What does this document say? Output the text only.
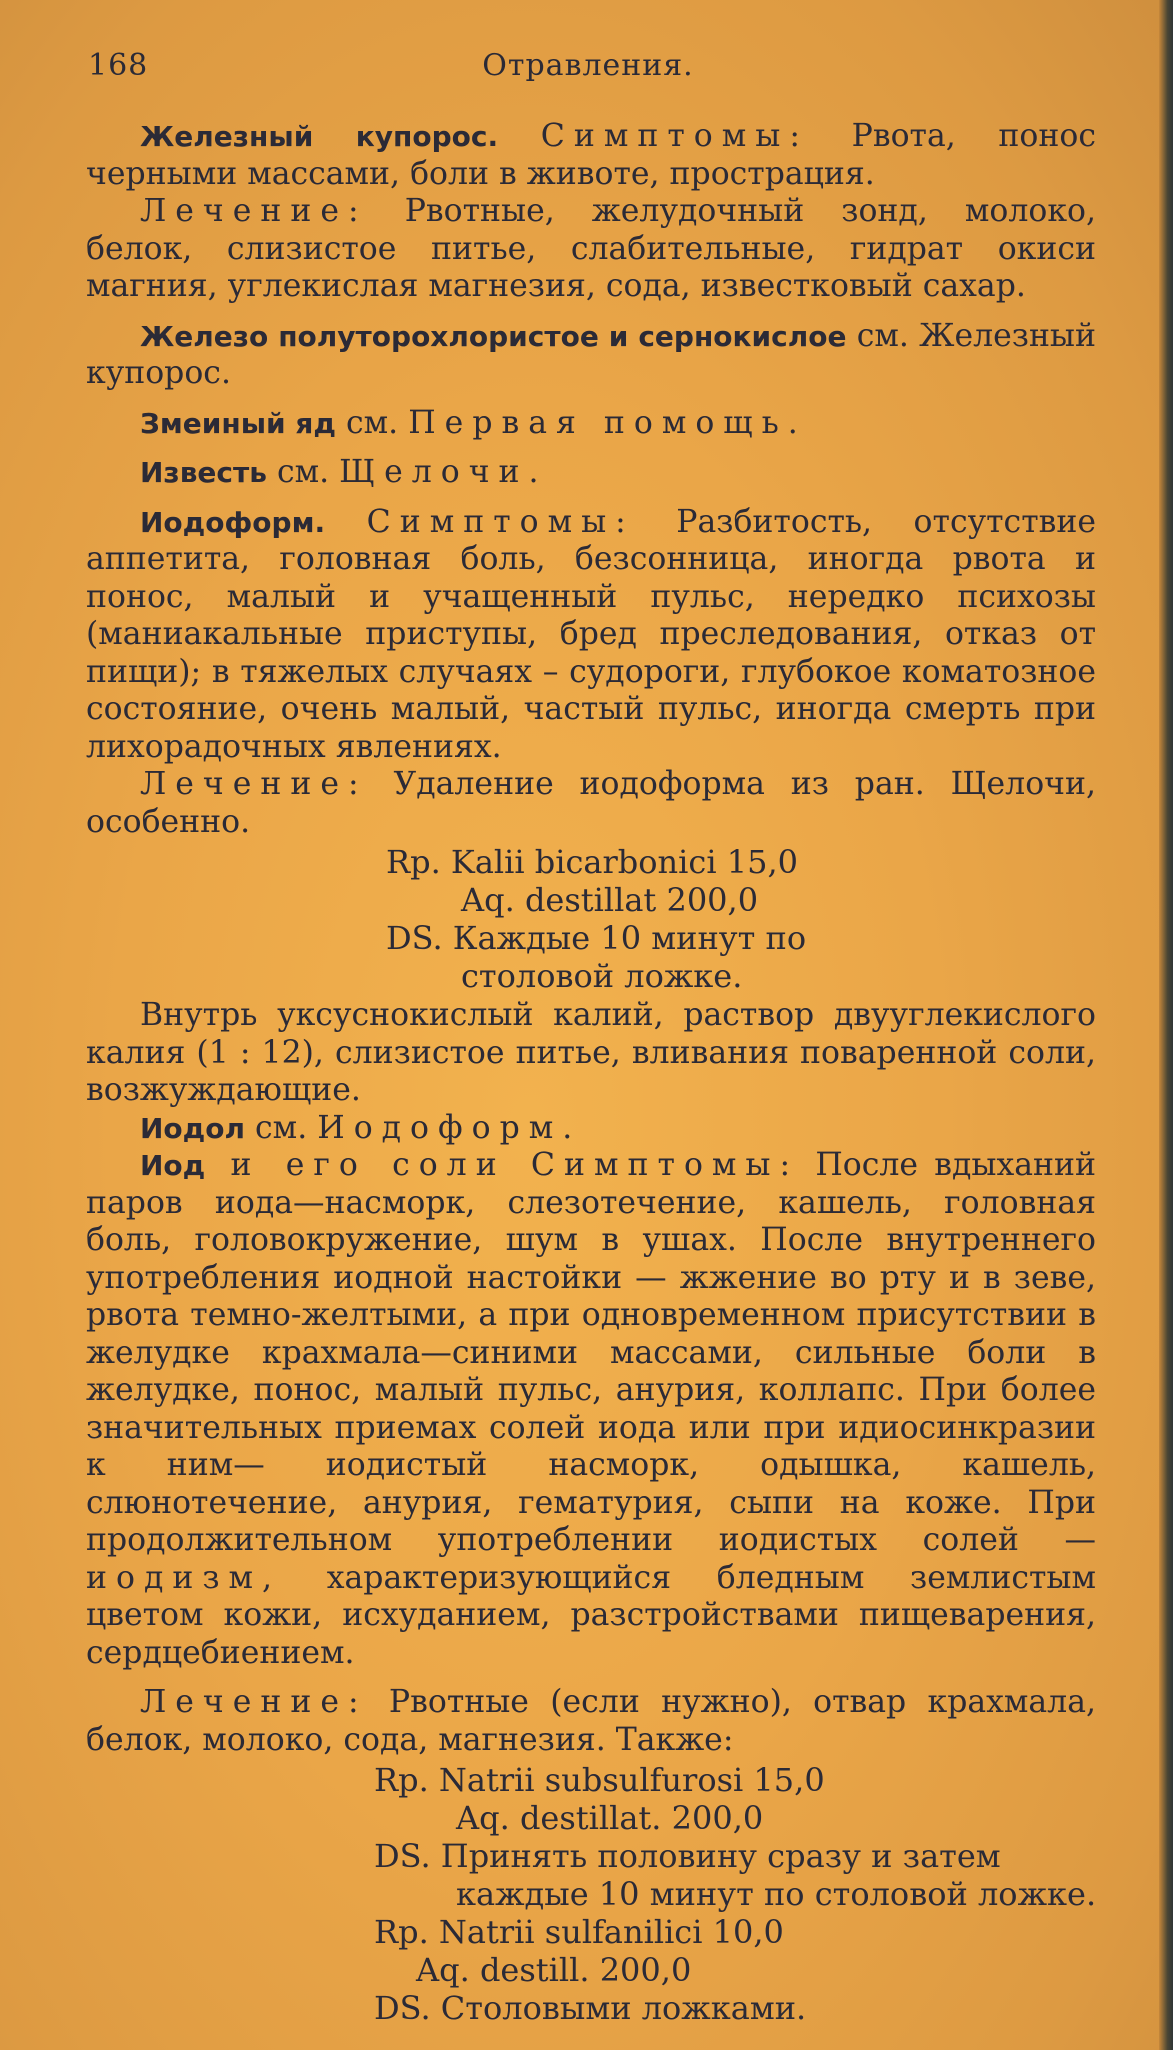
168	Отравления.

Железный купорос. Симптомы: Рвота, понос черными массами, боли в животе, прострация.

Лечение: Рвотные, желудочный зонд, молоко, белок, слизистое питье, слабительные, гидрат окиси магния, углекислая магнезия, сода, известковый сахар.

Железо полуторохлористое и сернокислое см. Железный купорос.

Змеиный яд см. Первая помощь.

Известь см. Щелочи.

Иодоформ. Симптомы: Разбитость, отсутствие аппетита, головная боль, безсонница, иногда рвота и понос, малый и учащенный пульс, нередко психозы (маниакальные приступы, бред преследования, отказ от пищи); в тяжелых случаях – судороги, глубокое коматозное состояние, очень малый, частый пульс, иногда смерть при лихорадочных явлениях.

Лечение: Удаление иодоформа из ран. Щелочи, особенно.

Rp. Kalii bicarbonici 15,0
Aq. destillat 200,0
DS. Каждые 10 минут по
столовой ложке.

Внутрь уксуснокислый калий, раствор двууглекислого калия (1 : 12), слизистое питье, вливания поваренной соли, возжуждающие.

Иодол см. Иодоформ.

Иод и его соли Симптомы: После вдыханий паров иода—насморк, слезотечение, кашель, головная боль, головокружение, шум в ушах. После внутреннего употребления иодной настойки — жжение во рту и в зеве, рвота темно-желтыми, а при одновременном присутствии в желудке крахмала—синими массами, сильные боли в желудке, понос, малый пульс, анурия, коллапс. При более значительных приемах солей иода или при идиосинкразии к ним— иодистый насморк, одышка, кашель, слюнотечение, анурия, гематурия, сыпи на коже. При продолжительном употреблении иодистых солей — иодизм, характеризующийся бледным землистым цветом кожи, исхуданием, разстройствами пищеварения, сердцебиением.

Лечение: Рвотные (если нужно), отвар крахмала, белок, молоко, сода, магнезия. Также:

Rp. Natrii subsulfurosi 15,0
Aq. destillat. 200,0
DS. Принять половину сразу и затем
каждые 10 минут по столовой ложке.
Rp. Natrii sulfanilici 10,0
Aq. destill. 200,0
DS. Столовыми ложками.
